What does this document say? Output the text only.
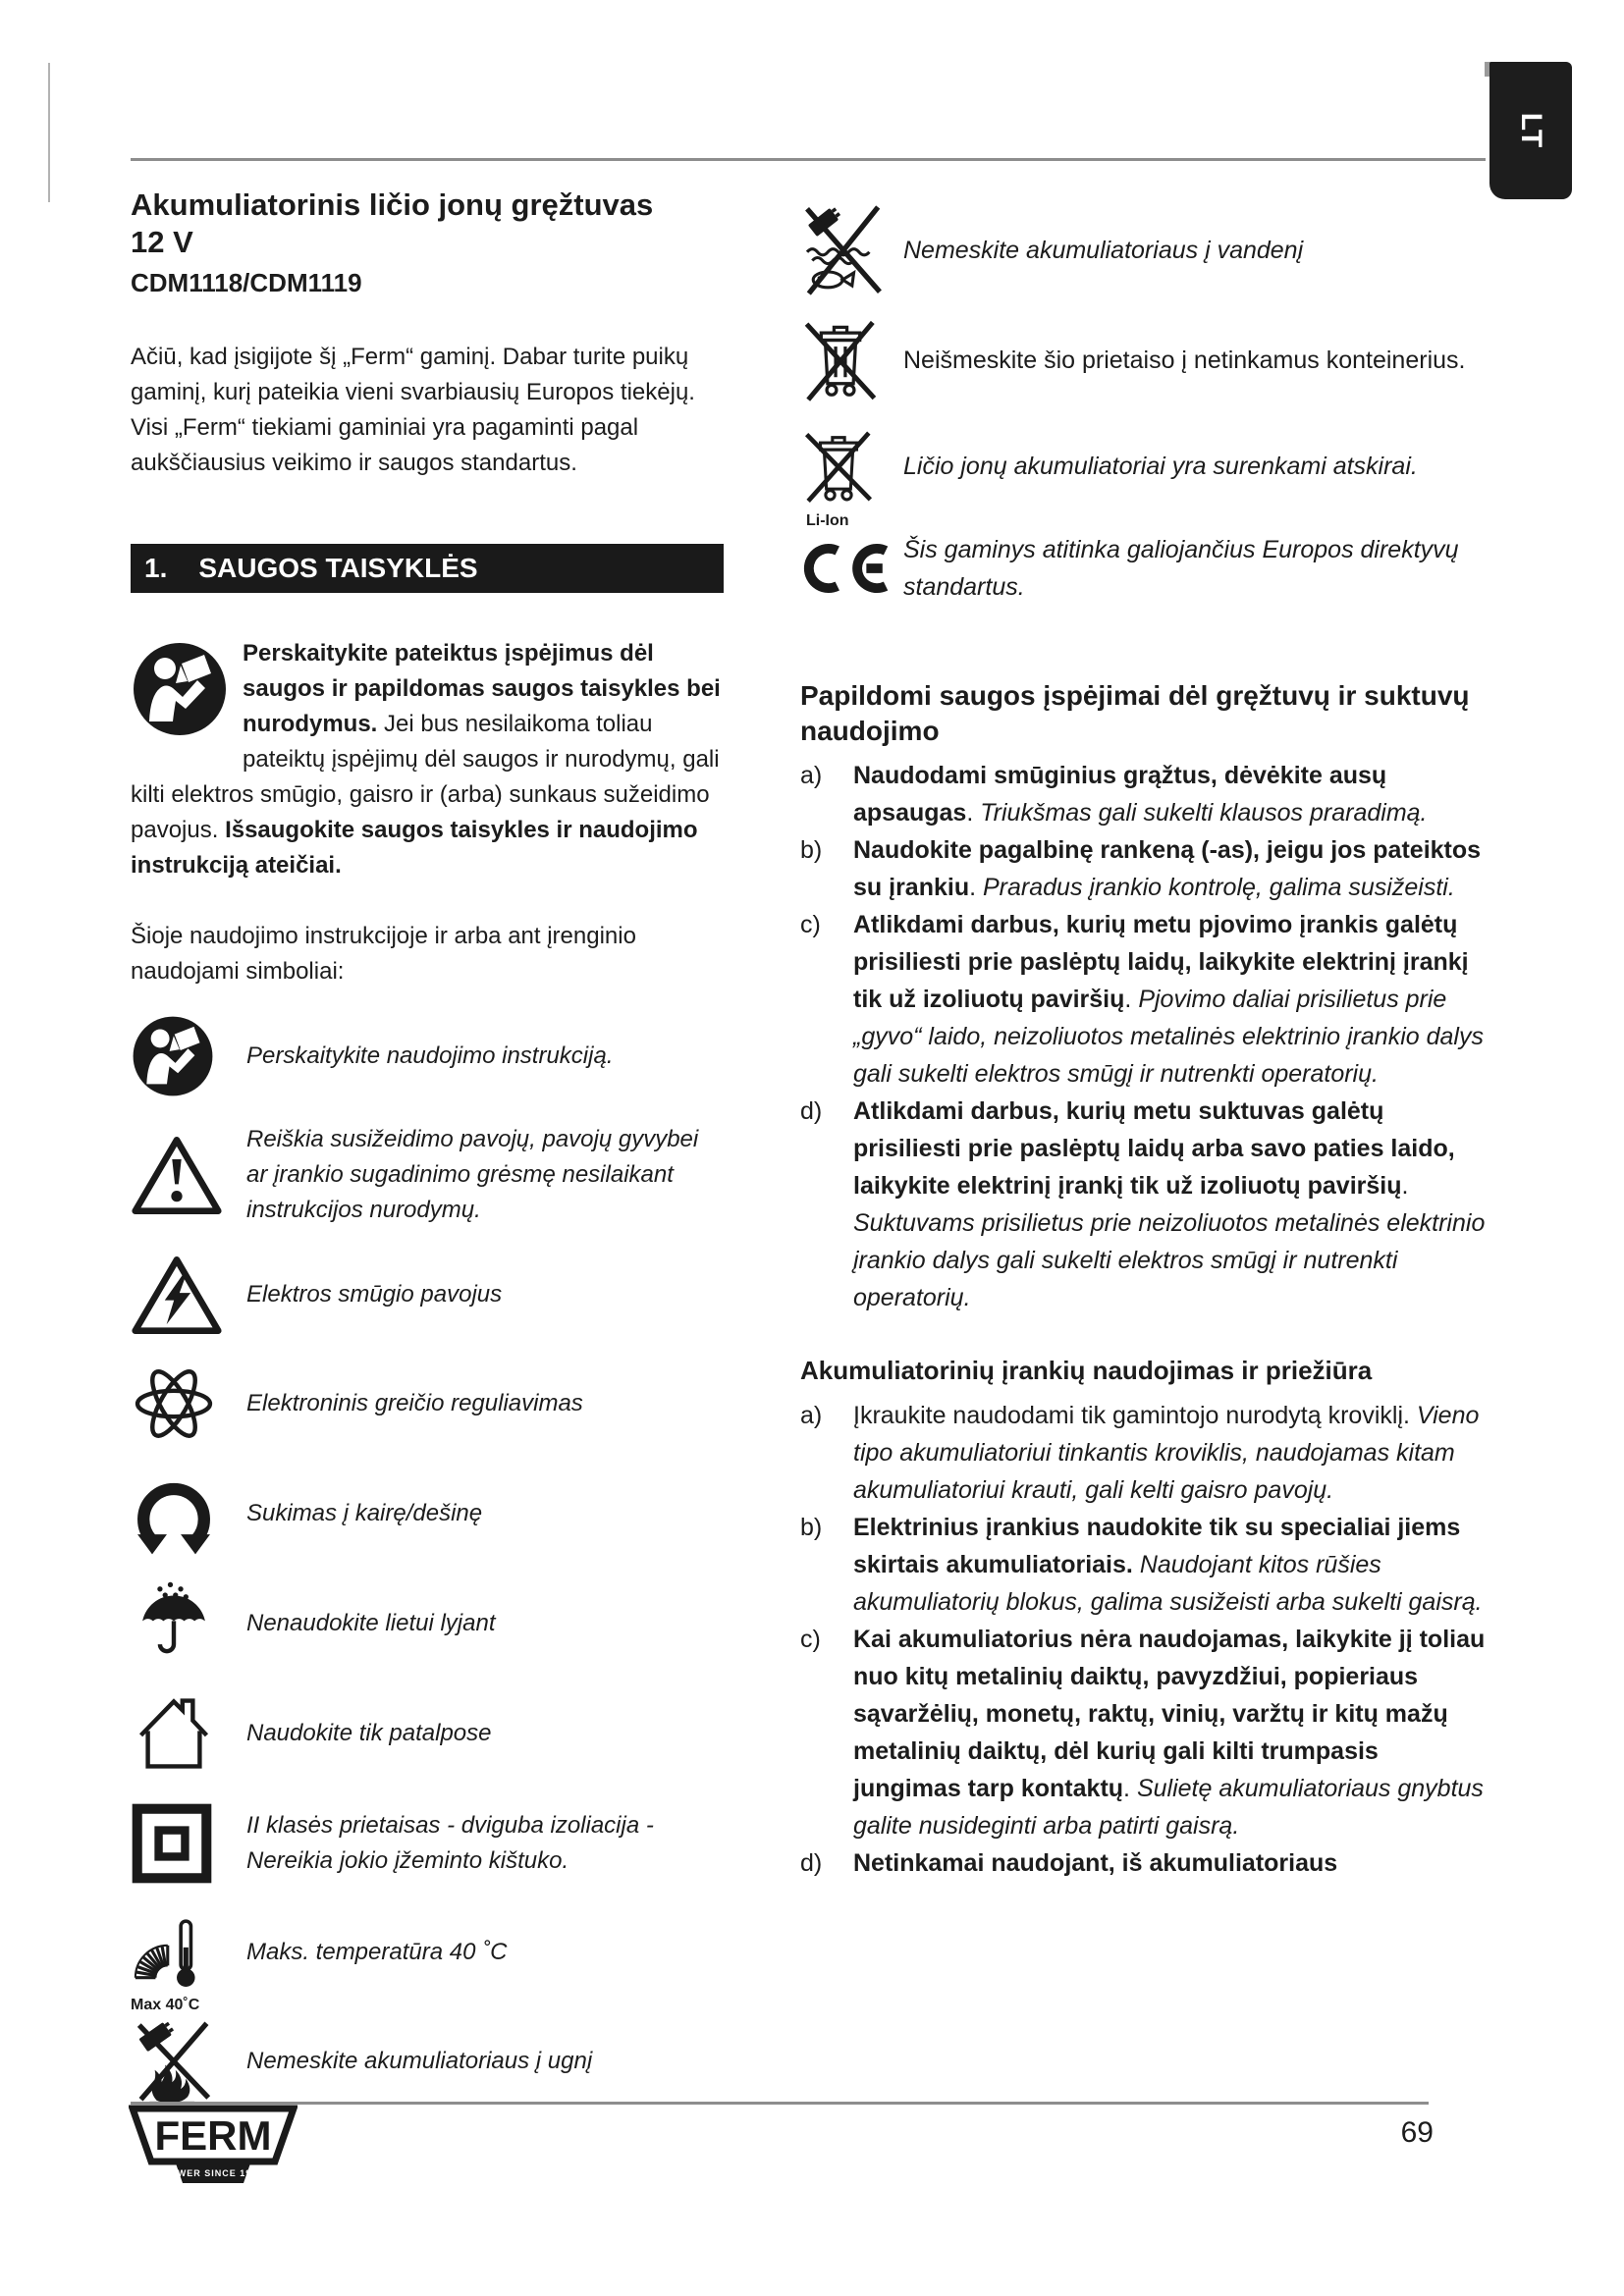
LT
Akumuliatorinis ličio jonų gręžtuvas
12 V
CDM1118/CDM1119
Ačiū, kad įsigijote šį „Ferm“ gaminį. Dabar turite puikų gaminį, kurį pateikia vieni svarbiausių Europos tiekėjų. Visi „Ferm“ tiekiami gaminiai yra pagaminti pagal aukščiausius veikimo ir saugos standartus.
1. SAUGOS TAISYKLĖS
Perskaitykite pateiktus įspėjimus dėl saugos ir papildomas saugos taisykles bei nurodymus. Jei bus nesilaikoma toliau pateiktų įspėjimų dėl saugos ir nurodymų, gali kilti elektros smūgio, gaisro ir (arba) sunkaus sužeidimo pavojus. Išsaugokite saugos taisykles ir naudojimo instrukciją ateičiai.
Šioje naudojimo instrukcijoje ir arba ant įrenginio naudojami simboliai:
Perskaitykite naudojimo instrukciją.
Reiškia susižeidimo pavojų, pavojų gyvybei ar įrankio sugadinimo grėsmę nesilaikant instrukcijos nurodymų.
Elektros smūgio pavojus
Elektroninis greičio reguliavimas
Sukimas į kairę/dešinę
Nenaudokite lietui lyjant
Naudokite tik patalpose
II klasės prietaisas - dviguba izoliacija - Nereikia jokio įžeminto kištuko.
Max 40˚C
Maks. temperatūra 40 ˚C
Nemeskite akumuliatoriaus į ugnį
Nemeskite akumuliatoriaus į vandenį
Neišmeskite šio prietaiso į netinkamus konteinerius.
Li-Ion
Ličio jonų akumuliatoriai yra surenkami atskirai.
Šis gaminys atitinka galiojančius Europos direktyvų standartus.
Papildomi saugos įspėjimai dėl gręžtuvų ir suktuvų naudojimo
a)	Naudodami smūginius grąžtus, dėvėkite ausų apsaugas. Triukšmas gali sukelti klausos praradimą.
b)	Naudokite pagalbinę rankeną (-as), jeigu jos pateiktos su įrankiu. Praradus įrankio kontrolę, galima susižeisti.
c)	Atlikdami darbus, kurių metu pjovimo įrankis galėtų prisiliesti prie paslėptų laidų, laikykite elektrinį įrankį tik už izoliuotų paviršių. Pjovimo daliai prisilietus prie „gyvo“ laido, neizoliuotos metalinės elektrinio įrankio dalys gali sukelti elektros smūgį ir nutrenkti operatorių.
d)	Atlikdami darbus, kurių metu suktuvas galėtų prisiliesti prie paslėptų laidų arba savo paties laido, laikykite elektrinį įrankį tik už izoliuotų paviršių. Suktuvams prisilietus prie neizoliuotos metalinės elektrinio įrankio dalys gali sukelti elektros smūgį ir nutrenkti operatorių.
Akumuliatorinių įrankių naudojimas ir priežiūra
a)	Įkraukite naudodami tik gamintojo nurodytą kroviklį. Vieno tipo akumuliatoriui tinkantis kroviklis, naudojamas kitam akumuliatoriui krauti, gali kelti gaisro pavojų.
b)	Elektrinius įrankius naudokite tik su specialiai jiems skirtais akumuliatoriais. Naudojant kitos rūšies akumuliatorių blokus, galima susižeisti arba sukelti gaisrą.
c)	Kai akumuliatorius nėra naudojamas, laikykite jį toliau nuo kitų metalinių daiktų, pavyzdžiui, popieriaus sąvaržėlių, monetų, raktų, vinių, varžtų ir kitų mažų metalinių daiktų, dėl kurių gali kilti trumpasis jungimas tarp kontaktų. Sulietę akumuliatoriaus gnybtus galite nusideginti arba patirti gaisrą.
d)	Netinkamai naudojant, iš akumuliatoriaus
FERM
POWER SINCE 1949
69
